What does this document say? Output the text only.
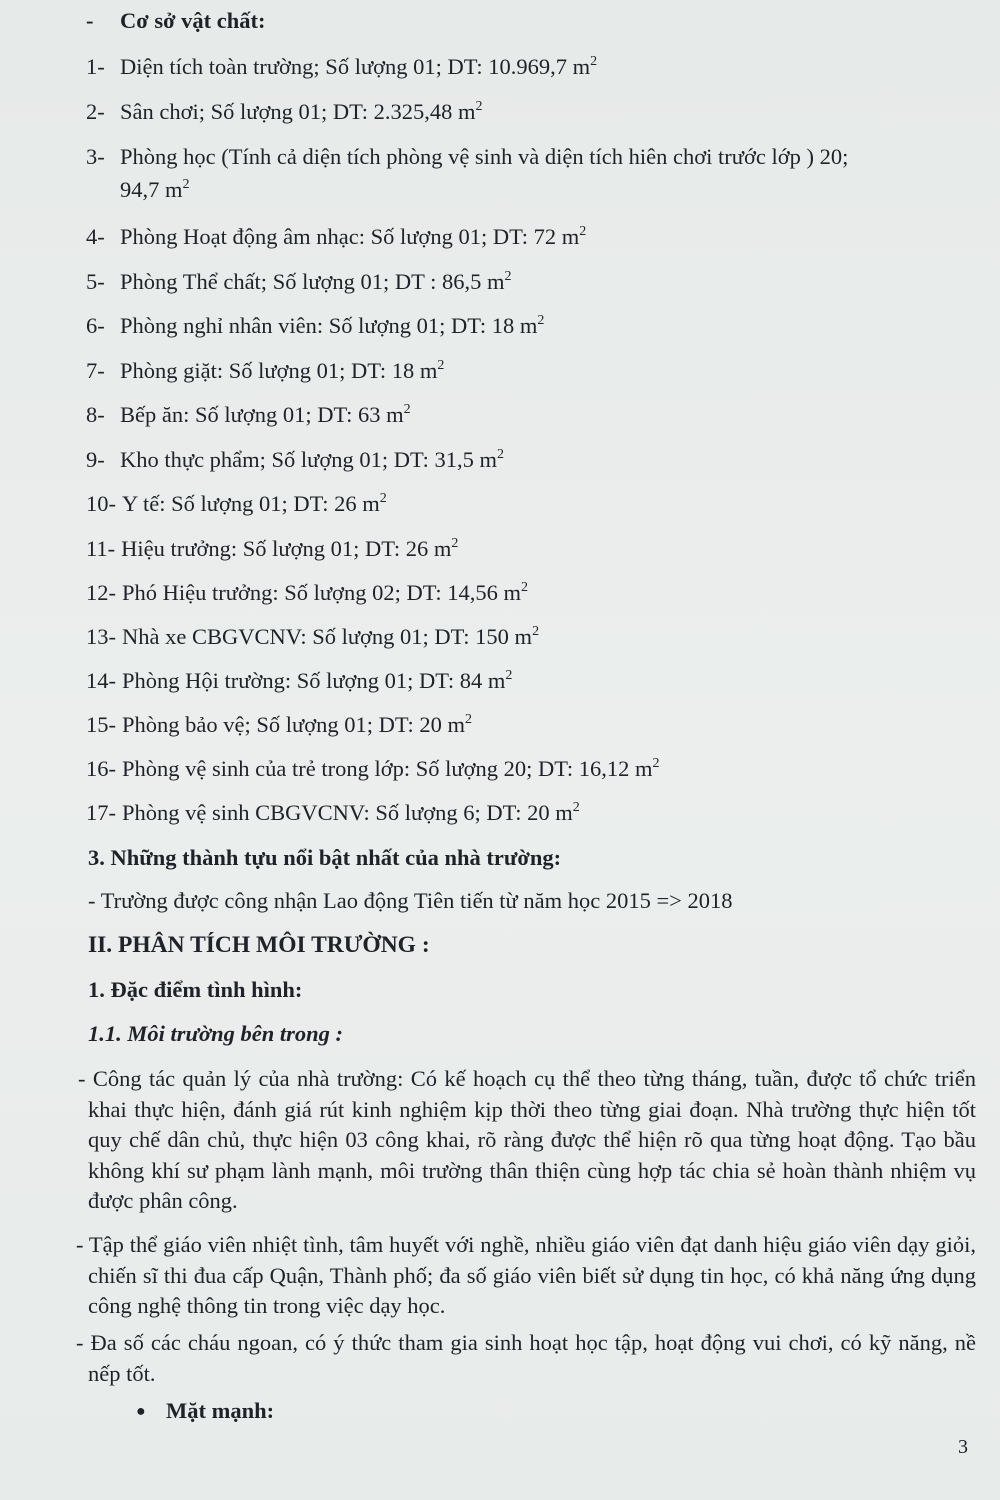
- Cơ sở vật chất:
1- Diện tích toàn trường; Số lượng 01; DT: 10.969,7 $m^2$
2- Sân chơi; Số lượng 01; DT: 2.325,48 $m^2$
3- Phòng học (Tính cả diện tích phòng vệ sinh và diện tích hiên chơi trước lớp ) 20;
94,7 $m^2$
4- Phòng Hoạt động âm nhạc: Số lượng 01; DT: 72 $m^2$
5- Phòng Thể chất; Số lượng 01; DT : 86,5 $m^2$
6- Phòng nghỉ nhân viên: Số lượng 01; DT: 18 $m^2$
7- Phòng giặt: Số lượng 01; DT: 18 $m^2$
8- Bếp ăn: Số lượng 01; DT: 63 $m^2$
9- Kho thực phẩm; Số lượng 01; DT: 31,5 $m^2$
10- Y tế: Số lượng 01; DT: 26 $m^2$
11- Hiệu trưởng: Số lượng 01; DT: 26 $m^2$
12- Phó Hiệu trưởng: Số lượng 02; DT: 14,56 $m^2$
13- Nhà xe CBGVCNV: Số lượng 01; DT: 150 $m^2$
14- Phòng Hội trường: Số lượng 01; DT: 84 $m^2$
15- Phòng bảo vệ; Số lượng 01; DT: 20 $m^2$
16- Phòng vệ sinh của trẻ trong lớp: Số lượng 20; DT: 16,12 $m^2$
17- Phòng vệ sinh CBGVCNV: Số lượng 6; DT: 20 $m^2$
3. Những thành tựu nổi bật nhất của nhà trường:
- Trường được công nhận Lao động Tiên tiến từ năm học 2015 => 2018
II. PHÂN TÍCH MÔI TRƯỜNG :
1. Đặc điểm tình hình:
1.1. Môi trường bên trong :
- Công tác quản lý của nhà trường: Có kế hoạch cụ thể theo từng tháng, tuần, được tổ chức triển khai thực hiện, đánh giá rút kinh nghiệm kịp thời theo từng giai đoạn. Nhà trường thực hiện tốt quy chế dân chủ, thực hiện 03 công khai, rõ ràng được thể hiện rõ qua từng hoạt động. Tạo bầu không khí sư phạm lành mạnh, môi trường thân thiện cùng hợp tác chia sẻ hoàn thành nhiệm vụ được phân công.
- Tập thể giáo viên nhiệt tình, tâm huyết với nghề, nhiều giáo viên đạt danh hiệu giáo viên dạy giỏi, chiến sĩ thi đua cấp Quận, Thành phố; đa số giáo viên biết sử dụng tin học, có khả năng ứng dụng công nghệ thông tin trong việc dạy học.
- Đa số các cháu ngoan, có ý thức tham gia sinh hoạt học tập, hoạt động vui chơi, có kỹ năng, nề nếp tốt.
● Mặt mạnh:
3
